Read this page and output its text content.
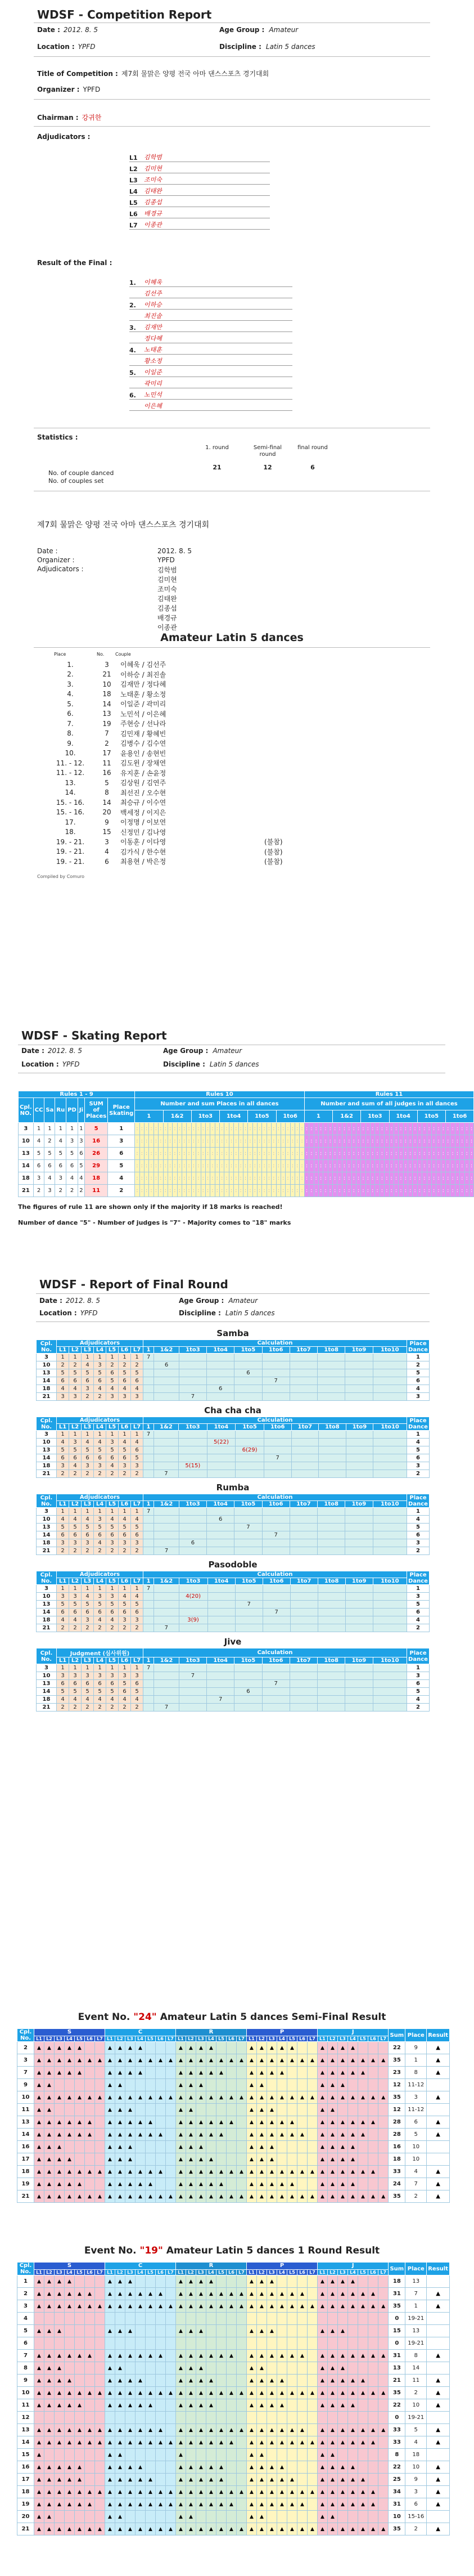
WDSF - Competition Report
Date : 2012. 8. 5	Age Group : Amateur
Location : YPFD	Discipline : Latin 5 dances
Title of Competition : 제7회 물맑은 양평 전국 아마 댄스스포츠 경기대회
Organizer : YPFD
Chairman : 강귀한
Adjudicators :
L1	김학범
L2	김미현
L3	조미숙
L4	김태완
L5	김종섭
L6	배경규
L7	이종관
Result of the Final :
1.	이혜욱
김선주
2.	이하승
최진솔
3.	김재만
정다혜
4.	노태훈
황소정
5.	이일준
곽미리
6.	노민석
이은혜
Statistics :
1. round	Semi-final round
final round
No. of couple danced
21	12	6
No. of couples set
제7회 물맑은 양평 전국 아마 댄스스포츠 경기대회
Date :	2012. 8. 5
Organizer :	YPFD
Adjudicators :	김학범
김미현
조미숙
김태완
김종섭
배경규
이종관
Amateur Latin 5 dances
Place	No. Couple
1.	3	이혜욱 / 김선주
2.	21	이하승 / 최진솔
3.	10	김재만 / 정다혜
4.	18	노태훈 / 황소정
5.	14	이일준 / 곽미리
6.	13	노민석 / 이은혜
7.	19	주현승 / 선나라
8.	7	김민재 / 황혜빈
9.	2	김병수 / 김수연
10.	17	윤용인 / 송현빈
11. - 12.	11	김도윈 / 장채연
11. - 12.	16	유지훈 / 손윤정
13.	5	김상원 / 김연주
14.	8	최선진 / 오수현
15. - 16.	14	최승규 / 이수연
15. - 16.	20	백세정 / 이지은
17.	9	이정명 / 이보연
18.	15	신정민 / 김나영
19. - 21.	3	이동훈 / 이다영	(불참)
19. - 21.	4	김가식 / 한수현	(불참)
19. - 21.	6	최용현 / 박은정	(불참)
Compiled by Comuro
WDSF - Skating Report
Date : 2012. 8. 5	Age Group : Amateur
Location : YPFD	Discipline : Latin 5 dances
Rules 1 - 9	Rules 10	Rules 11
Cpl. NO.	CC	Sa	Ru	PD	Ji	SUM of Places	Place Skating	Number and sum Places in all dances	Number and sum of all judges in all dances
1	1&2	1to3	1to4	1to5	1to6	1	1&2	1to3	1to4	1to5	1to6
3	1	1	1	1	1	5	1	:	:	:	:	:	:	:	:	:	:	:	:	:	:	:	:	:	:	:	:	:	:	:	:	:	:	:	:	:	:	:	:	:	:	:	:	:	:	:	:	:	:	:	:	:	:	:	:	:	:	:	:	:	:	:	:	:	:	:	:	:	:	:	:	:	:	:	:	:	:	:	:
10	4	2	4	3	3	16	3	:	:	:	:	:	:	:	:	:	:	:	:	:	:	:	:	:	:	:	:	:	:	:	:	:	:	:	:	:	:	:	:	:	:	:	:	:	:	:	:	:	:	:	:	:	:	:	:	:	:	:	:	:	:	:	:	:	:	:	:	:	:	:	:	:	:	:	:	:	:	:	:
13	5	5	5	5	6	26	6	:	:	:	:	:	:	:	:	:	:	:	:	:	:	:	:	:	:	:	:	:	:	:	:	:	:	:	:	:	:	:	:	:	:	:	:	:	:	:	:	:	:	:	:	:	:	:	:	:	:	:	:	:	:	:	:	:	:	:	:	:	:	:	:	:	:	:	:	:	:	:	:
14	6	6	6	6	5	29	5	:	:	:	:	:	:	:	:	:	:	:	:	:	:	:	:	:	:	:	:	:	:	:	:	:	:	:	:	:	:	:	:	:	:	:	:	:	:	:	:	:	:	:	:	:	:	:	:	:	:	:	:	:	:	:	:	:	:	:	:	:	:	:	:	:	:	:	:	:	:	:	:
18	3	4	3	4	4	18	4	:	:	:	:	:	:	:	:	:	:	:	:	:	:	:	:	:	:	:	:	:	:	:	:	:	:	:	:	:	:	:	:	:	:	:	:	:	:	:	:	:	:	:	:	:	:	:	:	:	:	:	:	:	:	:	:	:	:	:	:	:	:	:	:	:	:	:	:	:	:	:	:
21	2	3	2	2	2	11	2	:	:	:	:	:	:	:	:	:	:	:	:	:	:	:	:	:	:	:	:	:	:	:	:	:	:	:	:	:	:	:	:	:	:	:	:	:	:	:	:	:	:	:	:	:	:	:	:	:	:	:	:	:	:	:	:	:	:	:	:	:	:	:	:	:	:	:	:	:	:	:	:
The figures of rule 11 are shown only if the majority if 18 marks is reached!
Number of dance "5" - Number of judges is "7" - Majority comes to "18" marks
WDSF - Report of Final Round
Date : 2012. 8. 5	Age Group : Amateur
Location : YPFD	Discipline : Latin 5 dances
Samba
Cpl. No.	Adjudicators							Calculation										Place Dance
	L1	L2	L3	L4	L5	L6	L7	1	1&2	1to3	1to4	1to5	1to6	1to7	1to8	1to9	1to10	
3	1	1	1	1	1	1	1	7										1
10	2	2	4	3	2	2	2		6									2
13	5	5	5	5	6	5	5					6						5
14	6	6	6	6	5	6	6						7					6
18	4	4	3	4	4	4	4				6							4
21	3	3	2	2	3	3	3			7								3
Cha cha cha
Cpl. No.	Adjudicators							Calculation										Place Dance
	L1	L2	L3	L4	L5	L6	L7	1	1&2	1to3	1to4	1to5	1to6	1to7	1to8	1to9	1to10	
3	1	1	1	1	1	1	1	7										1
10	4	3	4	4	3	4	4				5(22)							4
13	5	5	5	5	5	5	6					6(29)						5
14	6	6	6	6	6	6	5						7					6
18	3	4	3	3	4	3	3			5(15)								3
21	2	2	2	2	2	2	2		7									2
Rumba
Cpl. No.	Adjudicators							Calculation										Place Dance
	L1	L2	L3	L4	L5	L6	L7	1	1&2	1to3	1to4	1to5	1to6	1to7	1to8	1to9	1to10	
3	1	1	1	1	1	1	1	7										1
10	4	4	4	3	4	4	4				6							4
13	5	5	5	5	5	5	5					7						5
14	6	6	6	6	6	6	6						7					6
18	3	3	3	4	3	3	3			6								3
21	2	2	2	2	2	2	2		7									2
Pasodoble
Cpl. No.	Adjudicators							Calculation										Place Dance
	L1	L2	L3	L4	L5	L6	L7	1	1&2	1to3	1to4	1to5	1to6	1to7	1to8	1to9	1to10	
3	1	1	1	1	1	1	1	7										1
10	3	3	4	3	3	4	4			4(20)								3
13	5	5	5	5	5	5	5					7						5
14	6	6	6	6	6	6	6						7					6
18	4	4	3	4	4	3	3			3(9)								4
21	2	2	2	2	2	2	2		7									2
Jive
Cpl. No.	Judgment (심사위원)							Calculation										Place Dance
	L1	L2	L3	L4	L5	L6	L7	1	1&2	1to3	1to4	1to5	1to6	1to7	1to8	1to9	1to10	
3	1	1	1	1	1	1	1	7										1
10	3	3	3	3	3	3	3			7								3
13	6	6	6	6	6	5	6						7					6
14	5	5	5	5	5	6	5					6						5
18	4	4	4	4	4	4	4				7							4
21	2	2	2	2	2	2	2		7									2
Event No. "24" Amateur Latin 5 dances Semi-Final Result
Cpl. No.	S							C							R							P							J							Sum	Place	Result
	L1	L2	L3	L4	L5	L6	L7	L1	L2	L3	L4	L5	L6	L7	L1	L2	L3	L4	L5	L6	L7	L1	L2	L3	L4	L5	L6	L7	L1	L2	L3	L4	L5	L6	L7			
2	▲	▲	▲	▲	▲			▲	▲	▲	▲				▲	▲	▲	▲				▲	▲	▲	▲	▲			▲	▲	▲	▲				22	9	▲
3	▲	▲	▲	▲	▲	▲	▲	▲	▲	▲	▲	▲	▲	▲	▲	▲	▲	▲	▲	▲	▲	▲	▲	▲	▲	▲	▲	▲	▲	▲	▲	▲	▲	▲	▲	35	1	▲
7	▲	▲	▲	▲	▲			▲	▲	▲	▲				▲	▲	▲	▲	▲			▲	▲	▲	▲				▲	▲	▲	▲	▲			23	8	▲
9	▲	▲						▲	▲						▲	▲	▲					▲	▲						▲	▲	▲					12	11-12	
10	▲	▲	▲	▲	▲	▲	▲	▲	▲	▲	▲	▲	▲	▲	▲	▲	▲	▲	▲	▲	▲	▲	▲	▲	▲	▲	▲	▲	▲	▲	▲	▲	▲	▲	▲	35	3	▲
11	▲	▲						▲	▲	▲					▲	▲						▲	▲	▲					▲	▲						12	11-12	
13	▲	▲	▲	▲	▲	▲		▲	▲	▲	▲	▲			▲	▲	▲	▲	▲	▲		▲	▲	▲	▲	▲			▲	▲	▲	▲	▲	▲		28	6	▲
14	▲	▲	▲	▲	▲	▲		▲	▲	▲	▲	▲	▲		▲	▲	▲	▲	▲			▲	▲	▲	▲	▲	▲		▲	▲	▲	▲	▲			28	5	▲
16	▲	▲	▲					▲	▲	▲					▲	▲	▲					▲	▲	▲					▲	▲	▲	▲				16	10	
17	▲	▲	▲	▲				▲	▲	▲					▲	▲	▲	▲				▲	▲	▲					▲	▲	▲	▲				18	10	
18	▲	▲	▲	▲	▲	▲	▲	▲	▲	▲	▲	▲	▲		▲	▲	▲	▲	▲	▲	▲	▲	▲	▲	▲	▲	▲	▲	▲	▲	▲	▲	▲	▲		33	4	▲
19	▲	▲	▲	▲	▲			▲	▲	▲	▲	▲			▲	▲	▲	▲	▲			▲	▲	▲	▲	▲			▲	▲	▲	▲				24	7	▲
21	▲	▲	▲	▲	▲	▲	▲	▲	▲	▲	▲	▲	▲	▲	▲	▲	▲	▲	▲	▲	▲	▲	▲	▲	▲	▲	▲	▲	▲	▲	▲	▲	▲	▲	▲	35	2	▲
Event No. "19" Amateur Latin 5 dances 1 Round Result
Cpl. No.	S							C							R							P							J							Sum	Place	Result
	L1	L2	L3	L4	L5	L6	L7	L1	L2	L3	L4	L5	L6	L7	L1	L2	L3	L4	L5	L6	L7	L1	L2	L3	L4	L5	L6	L7	L1	L2	L3	L4	L5	L6	L7			
1	▲	▲	▲	▲				▲	▲	▲					▲	▲	▲	▲				▲	▲	▲					▲	▲	▲	▲				18	13	
2	▲	▲	▲	▲	▲	▲		▲	▲	▲	▲	▲	▲		▲	▲	▲	▲	▲	▲	▲	▲	▲	▲	▲	▲	▲		▲	▲	▲	▲	▲	▲		31	7	▲
3	▲	▲	▲	▲	▲	▲	▲	▲	▲	▲	▲	▲	▲	▲	▲	▲	▲	▲	▲	▲	▲	▲	▲	▲	▲	▲	▲	▲	▲	▲	▲	▲	▲	▲	▲	35	1	▲
4																																				0	19-21	
5	▲	▲	▲					▲	▲	▲					▲	▲	▲					▲	▲	▲					▲	▲	▲					15	13	
6																																				0	19-21	
7	▲	▲	▲	▲	▲	▲		▲	▲	▲	▲	▲	▲		▲	▲	▲	▲	▲	▲		▲	▲	▲	▲	▲	▲		▲	▲	▲	▲	▲	▲	▲	31	8	▲
8	▲	▲	▲					▲	▲						▲	▲	▲					▲	▲						▲	▲	▲					13	14	
9	▲	▲	▲	▲				▲	▲	▲	▲				▲	▲	▲	▲				▲	▲	▲	▲				▲	▲	▲	▲	▲			21	11	▲
10	▲	▲	▲	▲	▲	▲	▲	▲	▲	▲	▲	▲	▲	▲	▲	▲	▲	▲	▲	▲	▲	▲	▲	▲	▲	▲	▲	▲	▲	▲	▲	▲	▲	▲	▲	35	2	▲
11	▲	▲	▲	▲	▲			▲	▲	▲	▲	▲			▲	▲	▲	▲				▲	▲	▲	▲				▲	▲	▲	▲				22	10	▲
12																																				0	19-21	
13	▲	▲	▲	▲	▲	▲	▲	▲	▲	▲	▲	▲	▲		▲	▲	▲	▲	▲	▲	▲	▲	▲	▲	▲	▲	▲		▲	▲	▲	▲	▲	▲	▲	33	5	▲
14	▲	▲	▲	▲	▲	▲	▲	▲	▲	▲	▲	▲	▲	▲	▲	▲	▲	▲	▲	▲		▲	▲	▲	▲	▲	▲	▲	▲	▲	▲	▲	▲	▲		33	4	▲
15	▲							▲	▲						▲							▲	▲						▲	▲						8	18	
16	▲	▲	▲	▲	▲			▲	▲	▲	▲				▲	▲	▲	▲	▲			▲	▲	▲	▲				▲	▲	▲	▲				22	10	▲
17	▲	▲	▲	▲	▲			▲	▲	▲	▲	▲			▲	▲	▲	▲	▲			▲	▲	▲	▲	▲			▲	▲	▲	▲	▲			25	9	▲
18	▲	▲	▲	▲	▲	▲	▲	▲	▲	▲	▲	▲	▲	▲	▲	▲	▲	▲	▲	▲	▲	▲	▲	▲	▲	▲	▲	▲	▲	▲	▲	▲	▲	▲		34	3	▲
19	▲	▲	▲	▲	▲	▲		▲	▲	▲	▲	▲	▲	▲	▲	▲	▲	▲	▲	▲		▲	▲	▲	▲	▲	▲		▲	▲	▲	▲	▲	▲		31	6	▲
20	▲	▲						▲	▲						▲	▲						▲	▲						▲	▲						10	15-16	
21	▲	▲	▲	▲	▲	▲	▲	▲	▲	▲	▲	▲	▲	▲	▲	▲	▲	▲	▲	▲	▲	▲	▲	▲	▲	▲	▲	▲	▲	▲	▲	▲	▲	▲	▲	35	2	▲
